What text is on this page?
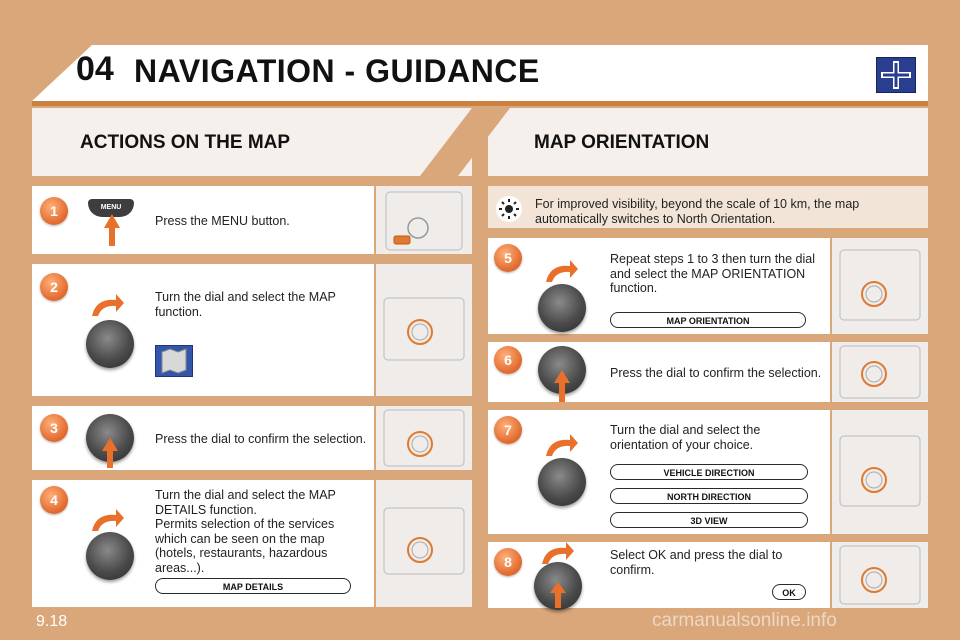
04 NAVIGATION - GUIDANCE
ACTIONS ON THE MAP	MAP ORIENTATION
1	MENU
Press the MENU button.
2
Turn the dial and select the MAP function.
3
Press the dial to confirm the selection.
4	Turn the dial and select the MAP DETAILS function.
Permits selection of the services which can be seen on the map (hotels, restaurants, hazardous areas...).
MAP DETAILS
For improved visibility, beyond the scale of 10 km, the map automatically switches to North Orientation.
5	Repeat steps 1 to 3 then turn the dial and select the MAP ORIENTATION function.
MAP ORIENTATION
6
Press the dial to confirm the selection.
7	Turn the dial and select the orientation of your choice.
VEHICLE DIRECTION
NORTH DIRECTION
3D VIEW
8	Select OK and press the dial to confirm.
OK
9.18	carmanualsonline.info
